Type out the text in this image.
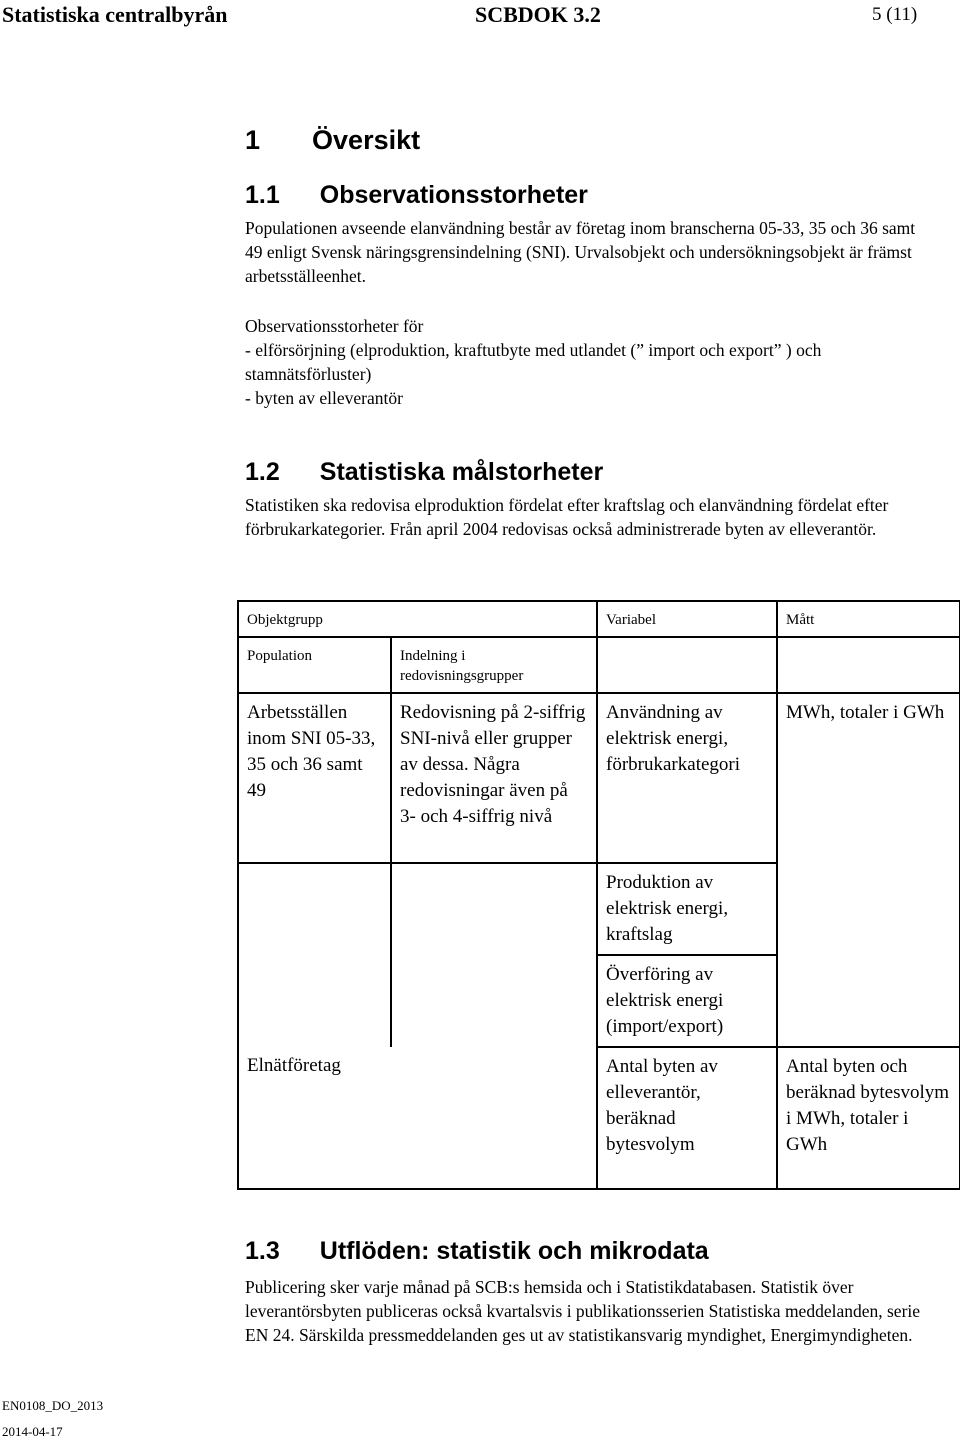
Statistiska centralbyrån	SCBDOK 3.2	5 (11)
1 Översikt
1.1 Observationsstorheter

Populationen avseende elanvändning består av företag inom branscherna 05-33, 35 och 36 samt 49 enligt Svensk näringsgrensindelning (SNI). Urvalsobjekt och undersökningsobjekt är främst arbetsställeenhet.

Observationsstorheter för

- elförsörjning (elproduktion, kraftutbyte med utlandet (” import och export” ) och stamnätsförluster)

- byten av elleverantör

1.2 Statistiska målstorheter

Statistiken ska redovisa elproduktion fördelat efter kraftslag och elanvändning fördelat efter förbrukarkategorier. Från april 2004 redovisas också administrerade byten av elleverantör.

Objektgrupp		Variabel	Mått
Population	Indelning i redovisningsgrupper		
Arbetsställen inom SNI 05-33, 35 och 36 samt 49	Redovisning på 2-siffrig SNI-nivå eller grupper av dessa. Några redovisningar även på 3- och 4-siffrig nivå	Användning av elektrisk energi, förbrukarkategori	MWh, totaler i GWh
		Produktion av elektrisk energi, kraftslag	
		Överföring av elektrisk energi (import/export)	
Elnätföretag		Antal byten av elleverantör, beräknad bytesvolym	Antal byten och beräknad bytesvolym i MWh, totaler i GWh
1.3 Utflöden: statistik och mikrodata

Publicering sker varje månad på SCB:s hemsida och i Statistikdatabasen. Statistik över leverantörsbyten publiceras också kvartalsvis i publikationsserien Statistiska meddelanden, serie EN 24. Särskilda pressmeddelanden ges ut av statistikansvarig myndighet, Energimyndigheten.

EN0108_DO_2013
2014-04-17
